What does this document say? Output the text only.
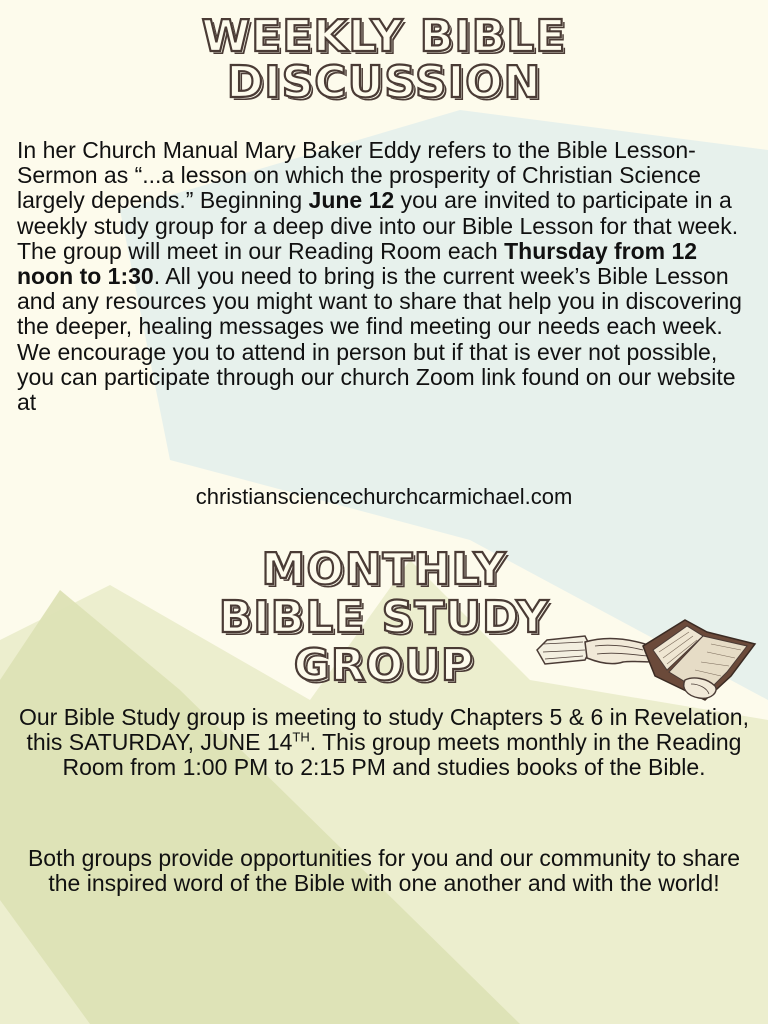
WEEKLY BIBLE
DISCUSSION

In her Church Manual Mary Baker Eddy refers to the Bible Lesson-Sermon as “...a lesson on which the prosperity of Christian Science largely depends.” Beginning June 12 you are invited to participate in a weekly study group for a deep dive into our Bible Lesson for that week. The group will meet in our Reading Room each Thursday from 12 noon to 1:30. All you need to bring is the current week’s Bible Lesson and any resources you might want to share that help you in discovering the deeper, healing messages we find meeting our needs each week. We encourage you to attend in person but if that is ever not possible, you can participate through our church Zoom link found on our website at

christiansciencechurchcarmichael.com
MONTHLY
BIBLE STUDY
GROUP

Our Bible Study group is meeting to study Chapters 5 & 6 in Revelation, this SATURDAY, JUNE 14TH. This group meets monthly in the Reading Room from 1:00 PM to 2:15 PM and studies books of the Bible.

Both groups provide opportunities for you and our community to share the inspired word of the Bible with one another and with the world!
